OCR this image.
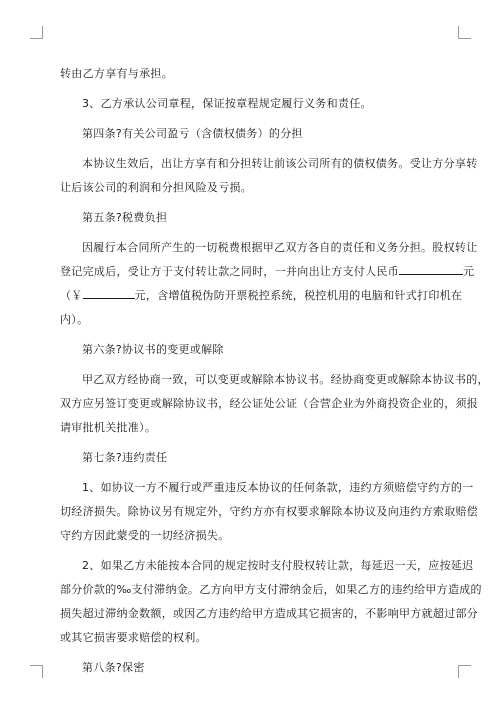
转由乙方享有与承担。
3、乙方承认公司章程，保证按章程规定履行义务和责任。
第四条?有关公司盈亏（含债权债务）的分担
本协议生效后，出让方享有和分担转让前该公司所有的债权债务。受让方分享转
让后该公司的利润和分担风险及亏损。
第五条?税费负担
因履行本合同所产生的一切税费根据甲乙双方各自的责任和义务分担。股权转让
登记完成后，受让方于支付转让款之同时，一并向出让方支付人民币	元
（￥	元，含增值税伪防开票税控系统，税控机用的电脑和针式打印机在
内）。
第六条?协议书的变更或解除
甲乙双方经协商一致，可以变更或解除本协议书。经协商变更或解除本协议书的，
双方应另签订变更或解除协议书，经公证处公证（合营企业为外商投资企业的，须报
请审批机关批准）。
第七条?违约责任
1、如协议一方不履行或严重违反本协议的任何条款，违约方须赔偿守约方的一
切经济损失。除协议另有规定外，守约方亦有权要求解除本协议及向违约方索取赔偿
守约方因此蒙受的一切经济损失。
2、如果乙方未能按本合同的规定按时支付股权转让款，每延迟一天，应按延迟
部分价款的‰支付滞纳金。乙方向甲方支付滞纳金后，如果乙方的违约给甲方造成的
损失超过滞纳金数额，或因乙方违约给甲方造成其它损害的，不影响甲方就超过部分
或其它损害要求赔偿的权利。
第八条?保密
